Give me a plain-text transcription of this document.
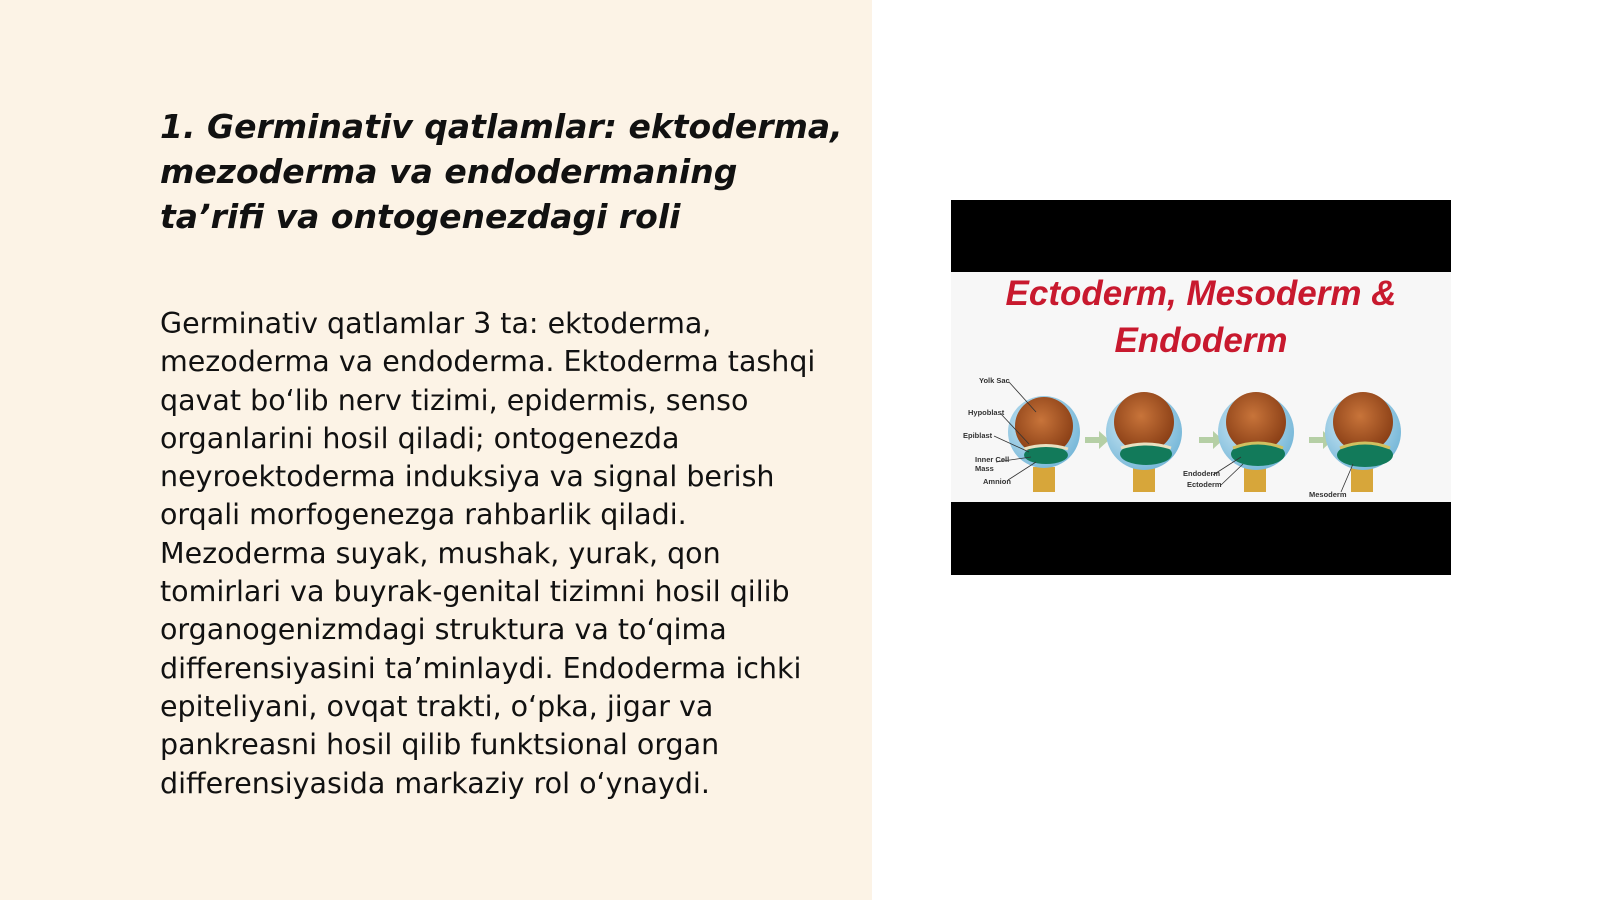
1. Germinativ qatlamlar: ektoderma, mezoderma va endodermaning ta’rifi va ontogenezdagi roli

Germinativ qatlamlar 3 ta: ektoderma, mezoderma va endoderma. Ektoderma tashqi qavat bo‘lib nerv tizimi, epidermis, senso organlarini hosil qiladi; ontogenezda neyroektoderma induksiya va signal berish orqali morfogenezga rahbarlik qiladi. Mezoderma suyak, mushak, yurak, qon tomirlari va buyrak-genital tizimni hosil qilib organogenizmdagi struktura va to‘qima differensiyasini ta’minlaydi. Endoderma ichki epiteliyani, ovqat trakti, o‘pka, jigar va pankreasni hosil qilib funktsional organ differensiyasida markaziy rol o‘ynaydi.

Ectoderm, Mesoderm &
Endoderm
Yolk Sac
Hypoblast
Epiblast
Inner Cell
Mass
Amnion
Endoderm
Ectoderm
Mesoderm
